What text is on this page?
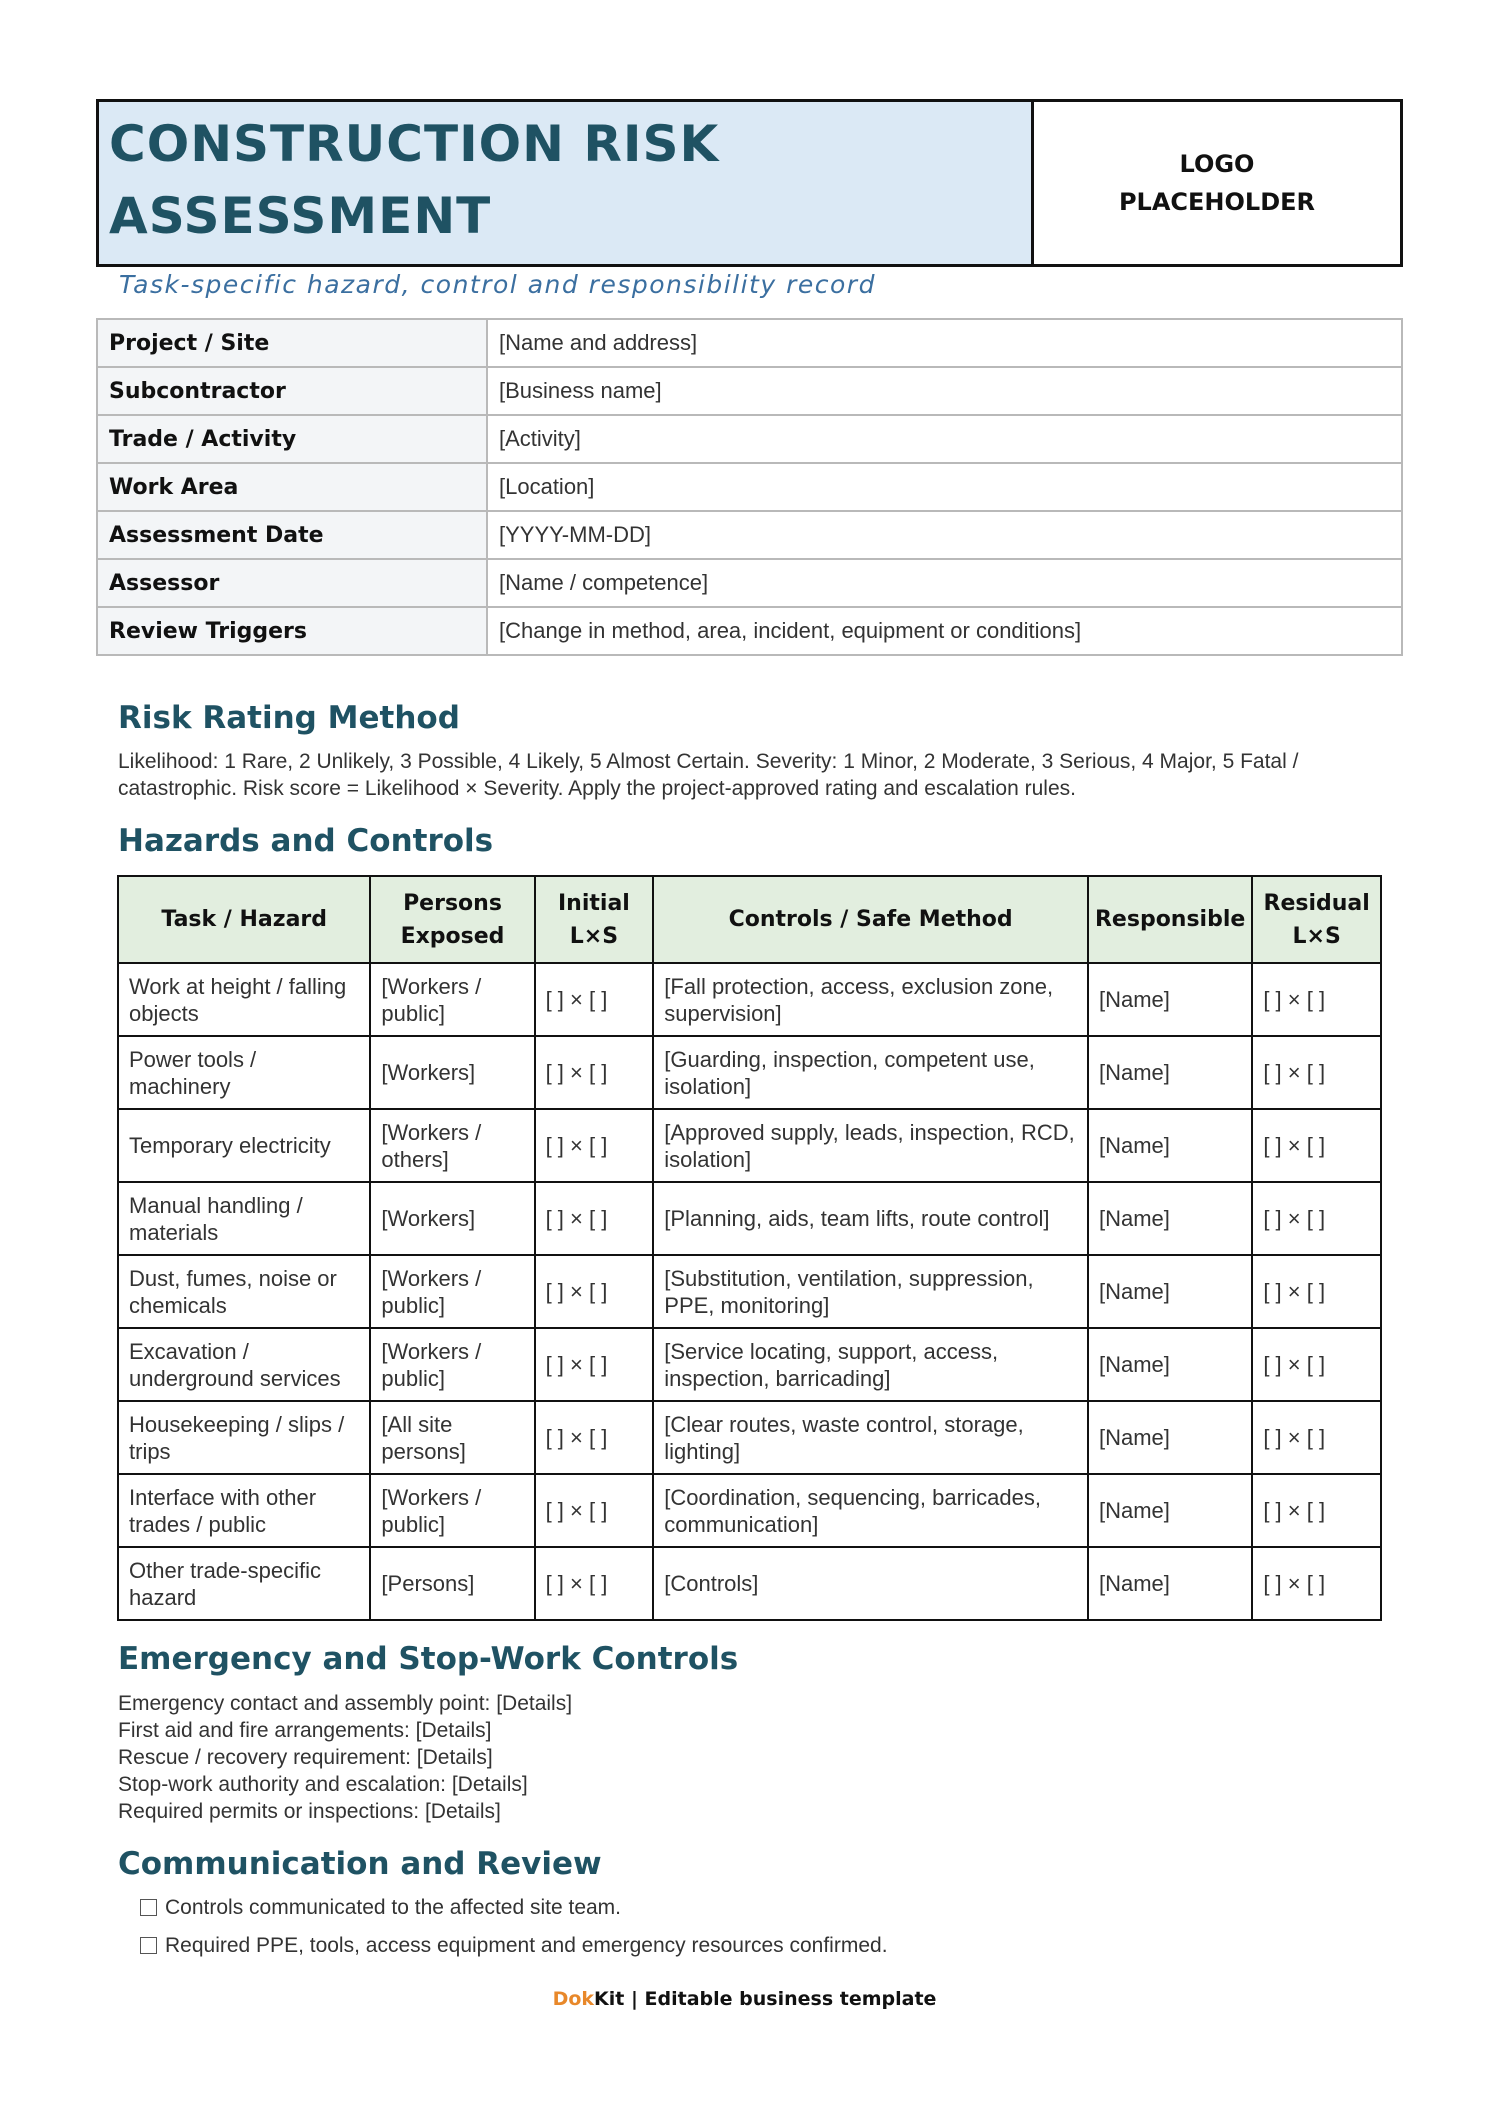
CONSTRUCTION RISK
ASSESSMENT
LOGO
PLACEHOLDER
Task-specific hazard, control and responsibility record
Project / Site	[Name and address]
Subcontractor	[Business name]
Trade / Activity	[Activity]
Work Area	[Location]
Assessment Date	[YYYY-MM-DD]
Assessor	[Name / competence]
Review Triggers	[Change in method, area, incident, equipment or conditions]
Risk Rating Method
Likelihood: 1 Rare, 2 Unlikely, 3 Possible, 4 Likely, 5 Almost Certain. Severity: 1 Minor, 2 Moderate, 3 Serious, 4 Major, 5 Fatal / catastrophic. Risk score = Likelihood × Severity. Apply the project-approved rating and escalation rules.
Hazards and Controls
Task / Hazard	Persons Exposed	Initial L×S	Controls / Safe Method	Responsible	Residual L×S
Work at height / falling objects	[Workers / public]	[ ] × [ ]	[Fall protection, access, exclusion zone, supervision]	[Name]	[ ] × [ ]
Power tools / machinery	[Workers]	[ ] × [ ]	[Guarding, inspection, competent use, isolation]	[Name]	[ ] × [ ]
Temporary electricity	[Workers / others]	[ ] × [ ]	[Approved supply, leads, inspection, RCD, isolation]	[Name]	[ ] × [ ]
Manual handling / materials	[Workers]	[ ] × [ ]	[Planning, aids, team lifts, route control]	[Name]	[ ] × [ ]
Dust, fumes, noise or chemicals	[Workers / public]	[ ] × [ ]	[Substitution, ventilation, suppression, PPE, monitoring]	[Name]	[ ] × [ ]
Excavation / underground services	[Workers / public]	[ ] × [ ]	[Service locating, support, access, inspection, barricading]	[Name]	[ ] × [ ]
Housekeeping / slips / trips	[All site persons]	[ ] × [ ]	[Clear routes, waste control, storage, lighting]	[Name]	[ ] × [ ]
Interface with other trades / public	[Workers / public]	[ ] × [ ]	[Coordination, sequencing, barricades, communication]	[Name]	[ ] × [ ]
Other trade-specific hazard	[Persons]	[ ] × [ ]	[Controls]	[Name]	[ ] × [ ]
Emergency and Stop-Work Controls
Emergency contact and assembly point: [Details]
First aid and fire arrangements: [Details]
Rescue / recovery requirement: [Details]
Stop-work authority and escalation: [Details]
Required permits or inspections: [Details]
Communication and Review
Controls communicated to the affected site team.
Required PPE, tools, access equipment and emergency resources confirmed.
DokKit | Editable business template
